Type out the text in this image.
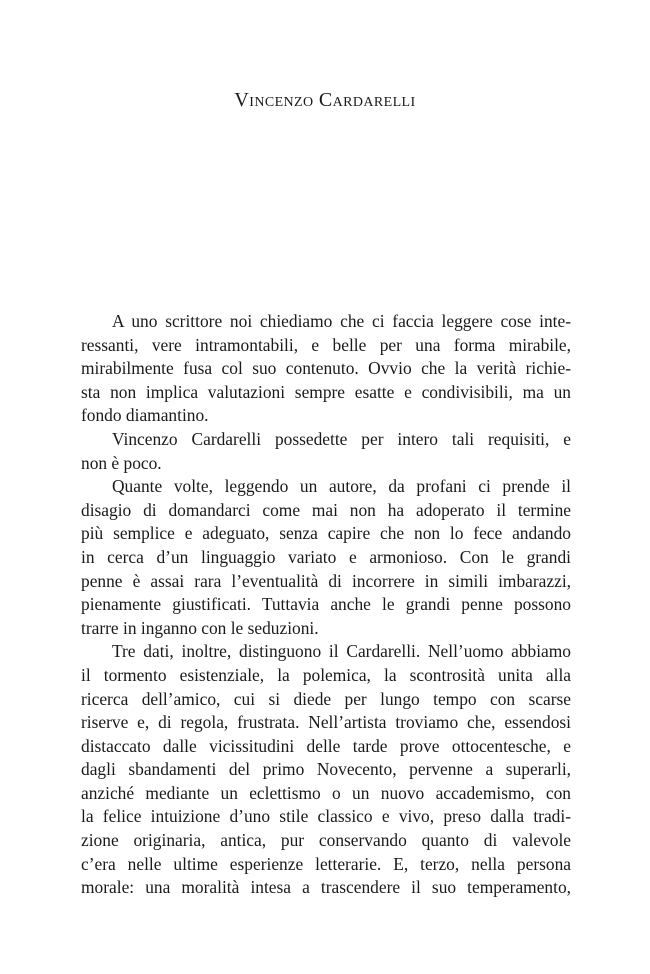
Vincenzo Cardarelli
A uno scrittore noi chiediamo che ci faccia leggere cose inte-
ressanti, vere intramontabili, e belle per una forma mirabile,
mirabilmente fusa col suo contenuto. Ovvio che la verità richie-
sta non implica valutazioni sempre esatte e condivisibili, ma un
fondo diamantino.
Vincenzo Cardarelli possedette per intero tali requisiti, e
non è poco.
Quante volte, leggendo un autore, da profani ci prende il
disagio di domandarci come mai non ha adoperato il termine
più semplice e adeguato, senza capire che non lo fece andando
in cerca d’un linguaggio variato e armonioso. Con le grandi
penne è assai rara l’eventualità di incorrere in simili imbarazzi,
pienamente giustificati. Tuttavia anche le grandi penne possono
trarre in inganno con le seduzioni.
Tre dati, inoltre, distinguono il Cardarelli. Nell’uomo abbiamo
il tormento esistenziale, la polemica, la scontrosità unita alla
ricerca dell’amico, cui si diede per lungo tempo con scarse
riserve e, di regola, frustrata. Nell’artista troviamo che, essendosi
distaccato dalle vicissitudini delle tarde prove ottocentesche, e
dagli sbandamenti del primo Novecento, pervenne a superarli,
anziché mediante un eclettismo o un nuovo accademismo, con
la felice intuizione d’uno stile classico e vivo, preso dalla tradi-
zione originaria, antica, pur conservando quanto di valevole
c’era nelle ultime esperienze letterarie. E, terzo, nella persona
morale: una moralità intesa a trascendere il suo temperamento,
